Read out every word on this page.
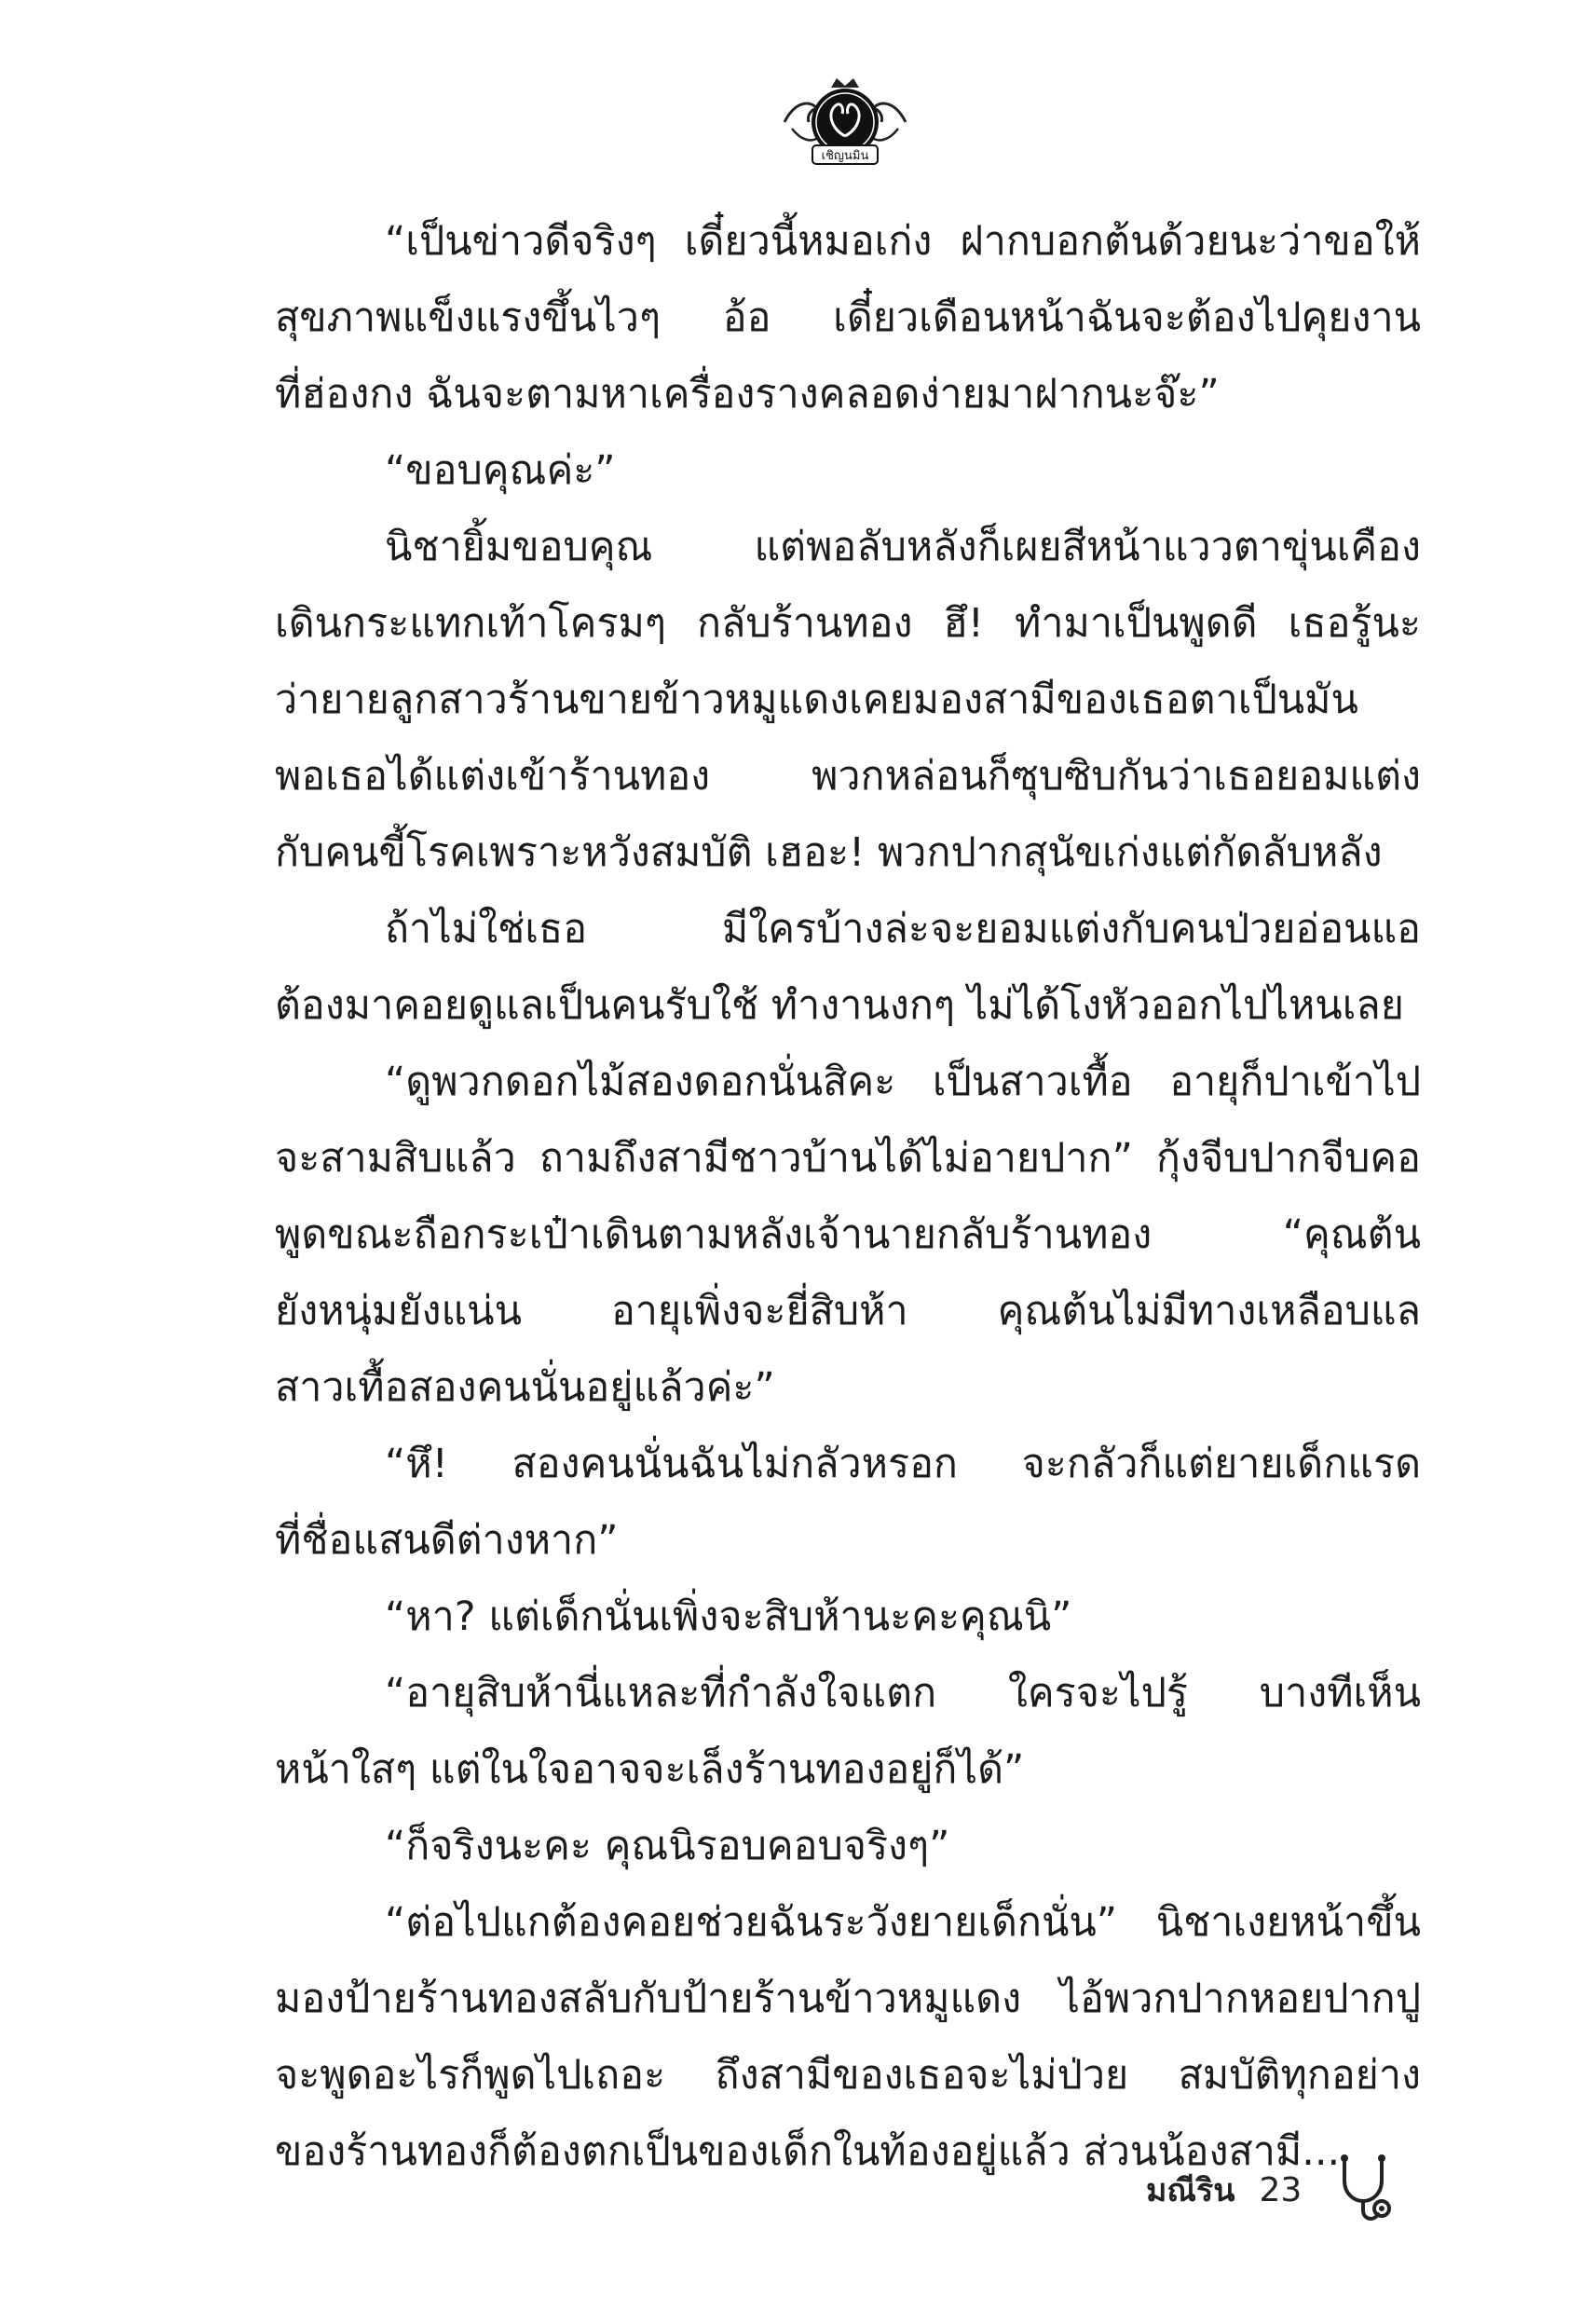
เชิญนมิน
“เป็นข่าวดีจริงๆ เดี๋ยวนี้หมอเก่ง ฝากบอกต้นด้วยนะว่าขอให้
สุขภาพแข็งแรงขึ้นไวๆ อ้อ เดี๋ยวเดือนหน้าฉันจะต้องไปคุยงาน
ที่ฮ่องกง ฉันจะตามหาเครื่องรางคลอดง่ายมาฝากนะจ๊ะ”
“ขอบคุณค่ะ”
นิชายิ้มขอบคุณ แต่พอลับหลังก็เผยสีหน้าแววตาขุ่นเคือง
เดินกระแทกเท้าโครมๆ กลับร้านทอง ฮึ! ทำมาเป็นพูดดี เธอรู้นะ
ว่ายายลูกสาวร้านขายข้าวหมูแดงเคยมองสามีของเธอตาเป็นมัน
พอเธอได้แต่งเข้าร้านทอง พวกหล่อนก็ซุบซิบกันว่าเธอยอมแต่ง
กับคนขี้โรคเพราะหวังสมบัติ เฮอะ! พวกปากสุนัขเก่งแต่กัดลับหลัง
ถ้าไม่ใช่เธอ มีใครบ้างล่ะจะยอมแต่งกับคนป่วยอ่อนแอ
ต้องมาคอยดูแลเป็นคนรับใช้ ทำงานงกๆ ไม่ได้โงหัวออกไปไหนเลย
“ดูพวกดอกไม้สองดอกนั่นสิคะ เป็นสาวเทื้อ อายุก็ปาเข้าไป
จะสามสิบแล้ว ถามถึงสามีชาวบ้านได้ไม่อายปาก” กุ้งจีบปากจีบคอ
พูดขณะถือกระเป๋าเดินตามหลังเจ้านายกลับร้านทอง “คุณต้น
ยังหนุ่มยังแน่น อายุเพิ่งจะยี่สิบห้า คุณต้นไม่มีทางเหลือบแล
สาวเทื้อสองคนนั่นอยู่แล้วค่ะ”
“หึ! สองคนนั่นฉันไม่กลัวหรอก จะกลัวก็แต่ยายเด็กแรด
ที่ชื่อแสนดีต่างหาก”
“หา? แต่เด็กนั่นเพิ่งจะสิบห้านะคะคุณนิ”
“อายุสิบห้านี่แหละที่กำลังใจแตก ใครจะไปรู้ บางทีเห็น
หน้าใสๆ แต่ในใจอาจจะเล็งร้านทองอยู่ก็ได้”
“ก็จริงนะคะ คุณนิรอบคอบจริงๆ”
“ต่อไปแกต้องคอยช่วยฉันระวังยายเด็กนั่น” นิชาเงยหน้าขึ้น
มองป้ายร้านทองสลับกับป้ายร้านข้าวหมูแดง ไอ้พวกปากหอยปากปู
จะพูดอะไรก็พูดไปเถอะ ถึงสามีของเธอจะไม่ป่วย สมบัติทุกอย่าง
ของร้านทองก็ต้องตกเป็นของเด็กในท้องอยู่แล้ว ส่วนน้องสามี...
มณีริน 23
